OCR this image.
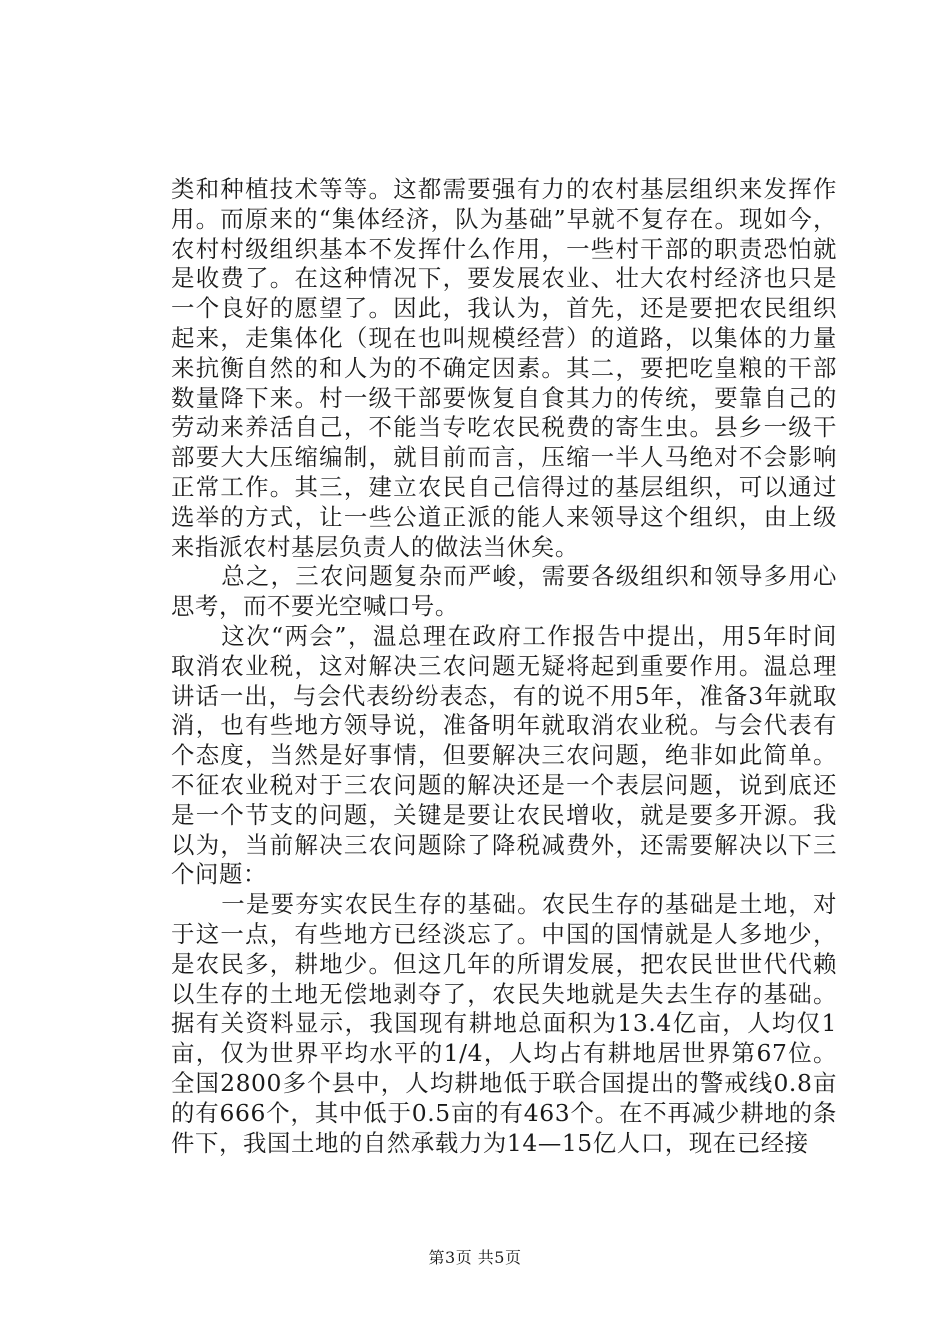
类和种植技术等等。这都需要强有力的农村基层组织来发挥作用。而原来的“集体经济，队为基础”早就不复存在。现如今，农村村级组织基本不发挥什么作用，一些村干部的职责恐怕就是收费了。在这种情况下，要发展农业、壮大农村经济也只是一个良好的愿望了。因此，我认为，首先，还是要把农民组织起来，走集体化（现在也叫规模经营）的道路，以集体的力量来抗衡自然的和人为的不确定因素。其二，要把吃皇粮的干部数量降下来。村一级干部要恢复自食其力的传统，要靠自己的劳动来养活自己，不能当专吃农民税费的寄生虫。县乡一级干部要大大压缩编制，就目前而言，压缩一半人马绝对不会影响正常工作。其三，建立农民自己信得过的基层组织，可以通过选举的方式，让一些公道正派的能人来领导这个组织，由上级来指派农村基层负责人的做法当休矣。

总之，三农问题复杂而严峻，需要各级组织和领导多用心思考，而不要光空喊口号。

这次“两会”，温总理在政府工作报告中提出，用5年时间取消农业税，这对解决三农问题无疑将起到重要作用。温总理讲话一出，与会代表纷纷表态，有的说不用5年，准备3年就取消，也有些地方领导说，准备明年就取消农业税。与会代表有个态度，当然是好事情，但要解决三农问题，绝非如此简单。不征农业税对于三农问题的解决还是一个表层问题，说到底还是一个节支的问题，关键是要让农民增收，就是要多开源。我以为，当前解决三农问题除了降税减费外，还需要解决以下三个问题：

一是要夯实农民生存的基础。农民生存的基础是土地，对于这一点，有些地方已经淡忘了。中国的国情就是人多地少，是农民多，耕地少。但这几年的所谓发展，把农民世世代代赖以生存的土地无偿地剥夺了，农民失地就是失去生存的基础。据有关资料显示，我国现有耕地总面积为13.4亿亩，人均仅1亩，仅为世界平均水平的1/4，人均占有耕地居世界第67位。全国2800多个县中，人均耕地低于联合国提出的警戒线0.8亩的有666个，其中低于0.5亩的有463个。在不再减少耕地的条件下，我国土地的自然承载力为14—15亿人口，现在已经接

第3页 共5页
